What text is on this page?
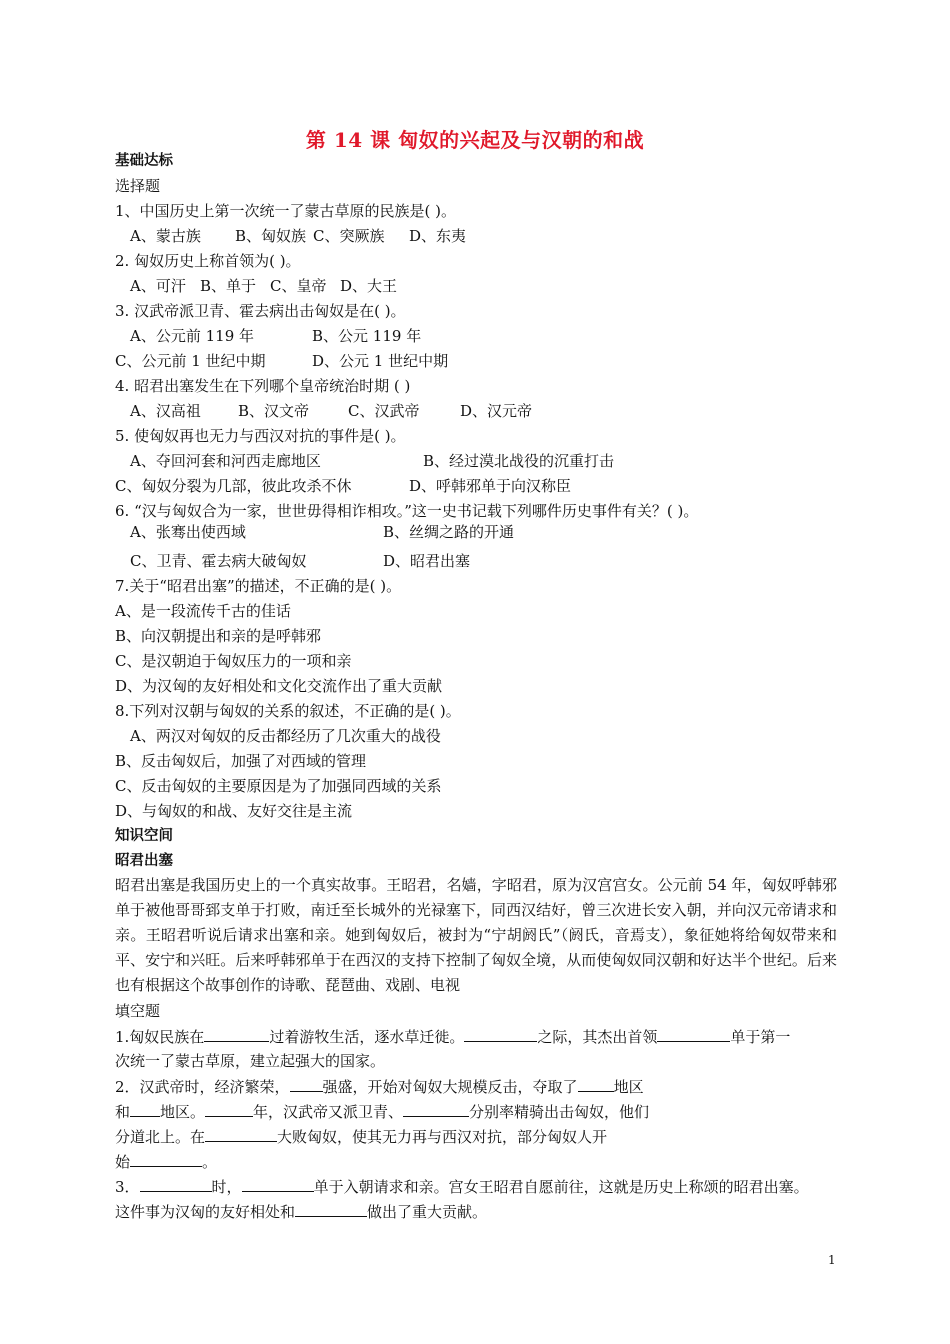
第 14 课 匈奴的兴起及与汉朝的和战
基础达标
选择题
1、中国历史上第一次统一了蒙古草原的民族是( )。
A、蒙古族 B、匈奴族 C、突厥族 D、东夷
2. 匈奴历史上称首领为( )。
A、可汗 B、单于 C、皇帝 D、大王
3. 汉武帝派卫青、霍去病出击匈奴是在( )。
A、公元前 119 年	B、公元 119 年
C、公元前 1 世纪中期	D、公元 1 世纪中期
4. 昭君出塞发生在下列哪个皇帝统治时期 ( )
A、汉高祖 B、汉文帝	C、汉武帝	D、汉元帝
5. 使匈奴再也无力与西汉对抗的事件是( )。
A、夺回河套和河西走廊地区	B、经过漠北战役的沉重打击
C、匈奴分裂为几部，彼此攻杀不休	D、呼韩邪单于向汉称臣
6. “汉与匈奴合为一家，世世毋得相诈相攻。”这一史书记载下列哪件历史事件有关？( )。
A、张骞出使西域	B、丝绸之路的开通
C、卫青、霍去病大破匈奴	D、昭君出塞
7.关于“昭君出塞”的描述，不正确的是( )。
A、是一段流传千古的佳话
B、向汉朝提出和亲的是呼韩邪
C、是汉朝迫于匈奴压力的一项和亲
D、为汉匈的友好相处和文化交流作出了重大贡献
8.下列对汉朝与匈奴的关系的叙述，不正确的是( )。
A、两汉对匈奴的反击都经历了几次重大的战役
B、反击匈奴后，加强了对西域的管理
C、反击匈奴的主要原因是为了加强同西域的关系
D、与匈奴的和战、友好交往是主流
知识空间
昭君出塞
昭君出塞是我国历史上的一个真实故事。王昭君，名嫱，字昭君，原为汉宫宫女。公元前 54 年，匈奴呼韩邪单于被他哥哥郅支单于打败，南迁至长城外的光禄塞下，同西汉结好，曾三次进长安入朝，并向汉元帝请求和亲。王昭君听说后请求出塞和亲。她到匈奴后，被封为“宁胡阏氏”（阏氏，音焉支），象征她将给匈奴带来和平、安宁和兴旺。后来呼韩邪单于在西汉的支持下控制了匈奴全境，从而使匈奴同汉朝和好达半个世纪。后来也有根据这个故事创作的诗歌、琵琶曲、戏剧、电视
填空题
1.匈奴民族在	过着游牧生活，逐水草迁徙。	之际，其杰出首领	单于第一
次统一了蒙古草原，建立起强大的国家。
2．汉武帝时，经济繁荣， 强盛，开始对匈奴大规模反击，夺取了 地区
和 地区。	年，汉武帝又派卫青、	分别率精骑出击匈奴，他们
分道北上。在	大败匈奴，使其无力再与西汉对抗，部分匈奴人开
始	。
3．	时，	单于入朝请求和亲。宫女王昭君自愿前往，这就是历史上称颂的昭君出塞。
这件事为汉匈的友好相处和	做出了重大贡献。
1
